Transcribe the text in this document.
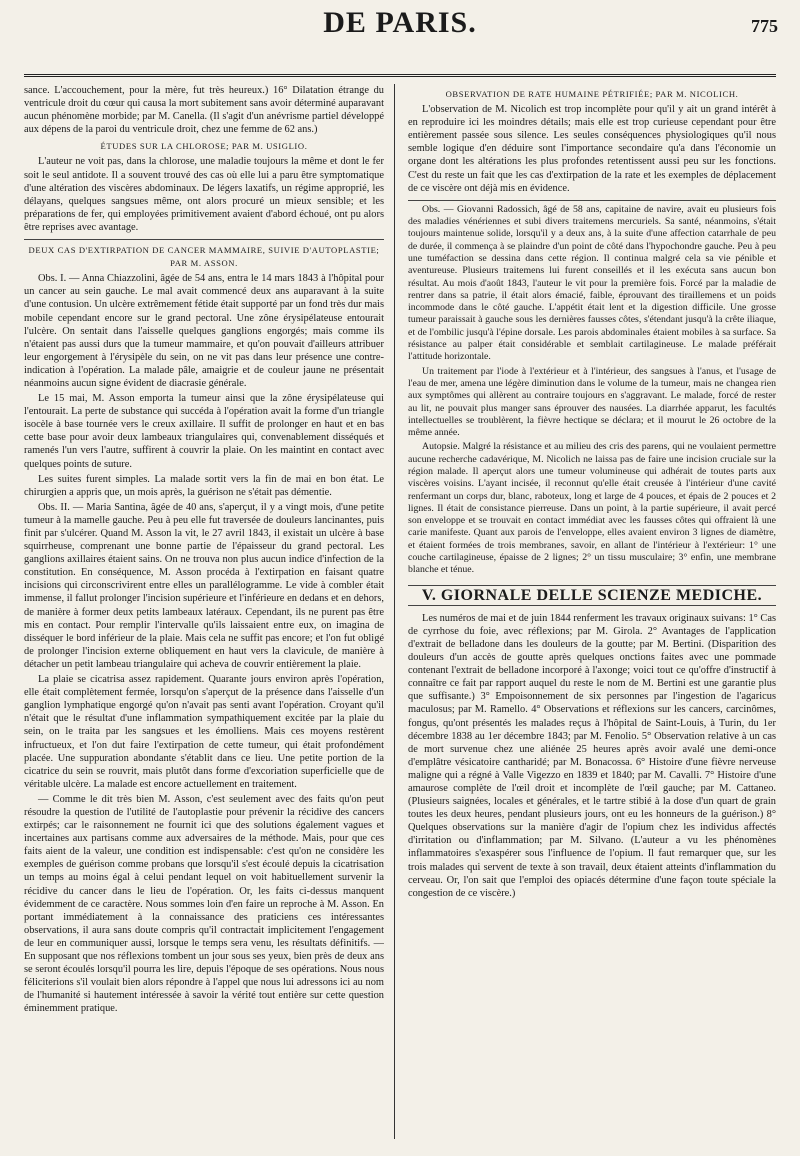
DE PARIS.	775

sance. L'accouchement, pour la mère, fut très heureux.) 16° Dilatation étrange du ventricule droit du cœur qui causa la mort subitement sans avoir déterminé auparavant aucun phénomène morbide; par M. Canella. (Il s'agit d'un anévrisme partiel développé aux dépens de la paroi du ventricule droit, chez une femme de 62 ans.)

ÉTUDES SUR LA CHLOROSE; PAR M. USIGLIO.

L'auteur ne voit pas, dans la chlorose, une maladie toujours la même et dont le fer soit le seul antidote. Il a souvent trouvé des cas où elle lui a paru être symptomatique d'une altération des viscères abdominaux. De légers laxatifs, un régime approprié, les délayans, quelques sangsues même, ont alors procuré un mieux sensible; et les préparations de fer, qui employées primitivement avaient d'abord échoué, ont pu alors être reprises avec avantage.

DEUX CAS D'EXTIRPATION DE CANCER MAMMAIRE, SUIVIE D'AUTOPLASTIE; PAR M. ASSON.

Obs. I. — Anna Chiazzolini, âgée de 54 ans, entra le 14 mars 1843 à l'hôpital pour un cancer au sein gauche. Le mal avait commencé deux ans auparavant à la suite d'une contusion. Un ulcère extrêmement fétide était supporté par un fond très dur mais mobile cependant encore sur le grand pectoral. Une zône érysipélateuse entourait l'ulcère. On sentait dans l'aisselle quelques ganglions engorgés; mais comme ils n'étaient pas aussi durs que la tumeur mammaire, et qu'on pouvait d'ailleurs attribuer leur engorgement à l'érysipèle du sein, on ne vit pas dans leur présence une contre-indication à l'opération. La malade pâle, amaigrie et de couleur jaune ne présentait néanmoins aucun signe évident de diacrasie générale.

Le 15 mai, M. Asson emporta la tumeur ainsi que la zône érysipélateuse qui l'entourait. La perte de substance qui succéda à l'opération avait la forme d'un triangle isocèle à base tournée vers le creux axillaire. Il suffit de prolonger en haut et en bas cette base pour avoir deux lambeaux triangulaires qui, convenablement disséqués et ramenés l'un vers l'autre, suffirent à couvrir la plaie. On les maintint en contact avec quelques points de suture.

Les suites furent simples. La malade sortit vers la fin de mai en bon état. Le chirurgien a appris que, un mois après, la guérison ne s'était pas démentie.

Obs. II. — Maria Santina, âgée de 40 ans, s'aperçut, il y a vingt mois, d'une petite tumeur à la mamelle gauche. Peu à peu elle fut traversée de douleurs lancinantes, puis finit par s'ulcérer. Quand M. Asson la vit, le 27 avril 1843, il existait un ulcère à base squirrheuse, comprenant une bonne partie de l'épaisseur du grand pectoral. Les ganglions axillaires étaient sains. On ne trouva non plus aucun indice d'infection de la constitution. En conséquence, M. Asson procéda à l'extirpation en faisant quatre incisions qui circonscrivirent entre elles un parallélogramme. Le vide à combler était immense, il fallut prolonger l'incision supérieure et l'inférieure en dedans et en dehors, de manière à former deux petits lambeaux latéraux. Cependant, ils ne purent pas être mis en contact. Pour remplir l'intervalle qu'ils laissaient entre eux, on imagina de disséquer le bord inférieur de la plaie. Mais cela ne suffit pas encore; et l'on fut obligé de prolonger l'incision externe obliquement en haut vers la clavicule, de manière à détacher un petit lambeau triangulaire qui acheva de couvrir entièrement la plaie.

La plaie se cicatrisa assez rapidement. Quarante jours environ après l'opération, elle était complètement fermée, lorsqu'on s'aperçut de la présence dans l'aisselle d'un ganglion lymphatique engorgé qu'on n'avait pas senti avant l'opération. Croyant qu'il n'était que le résultat d'une inflammation sympathiquement excitée par la plaie du sein, on le traita par les sangsues et les émolliens. Mais ces moyens restèrent infructueux, et l'on dut faire l'extirpation de cette tumeur, qui était profondément placée. Une suppuration abondante s'établit dans ce lieu. Une petite portion de la cicatrice du sein se rouvrit, mais plutôt dans forme d'excoriation superficielle que de véritable ulcère. La malade est encore actuellement en traitement.

— Comme le dit très bien M. Asson, c'est seulement avec des faits qu'on peut résoudre la question de l'utilité de l'autoplastie pour prévenir la récidive des cancers extirpés; car le raisonnement ne fournit ici que des solutions également vagues et incertaines aux partisans comme aux adversaires de la méthode. Mais, pour que ces faits aient de la valeur, une condition est indispensable: c'est qu'on ne considère les exemples de guérison comme probans que lorsqu'il s'est écoulé depuis la cicatrisation un temps au moins égal à celui pendant lequel on voit habituellement survenir la récidive du cancer dans le lieu de l'opération. Or, les faits ci-dessus manquent évidemment de ce caractère. Nous sommes loin d'en faire un reproche à M. Asson. En portant immédiatement à la connaissance des praticiens ces intéressantes observations, il aura sans doute compris qu'il contractait implicitement l'engagement de leur en communiquer aussi, lorsque le temps sera venu, les résultats définitifs. — En supposant que nos réflexions tombent un jour sous ses yeux, bien près de deux ans se seront écoulés lorsqu'il pourra les lire, depuis l'époque de ses opérations. Nous nous féliciterions s'il voulait bien alors répondre à l'appel que nous lui adressons ici au nom de l'humanité si hautement intéressée à savoir la vérité tout entière sur cette question éminemment pratique.

OBSERVATION DE RATE HUMAINE PÉTRIFIÉE; PAR M. NICOLICH.

L'observation de M. Nicolich est trop incomplète pour qu'il y ait un grand intérêt à en reproduire ici les moindres détails; mais elle est trop curieuse cependant pour être entièrement passée sous silence. Les seules conséquences physiologiques qu'il nous semble logique d'en déduire sont l'importance secondaire qu'a dans l'économie un organe dont les altérations les plus profondes retentissent aussi peu sur les fonctions. C'est du reste un fait que les cas d'extirpation de la rate et les exemples de déplacement de ce viscère ont déjà mis en évidence.

Obs. — Giovanni Radossich, âgé de 58 ans, capitaine de navire, avait eu plusieurs fois des maladies vénériennes et subi divers traitemens mercuriels. Sa santé, néanmoins, s'était toujours maintenue solide, lorsqu'il y a deux ans, à la suite d'une affection catarrhale de peu de durée, il commença à se plaindre d'un point de côté dans l'hypochondre gauche. Peu à peu une tuméfaction se dessina dans cette région. Il continua malgré cela sa vie pénible et aventureuse. Plusieurs traitemens lui furent conseillés et il les exécuta sans aucun bon résultat. Au mois d'août 1843, l'auteur le vit pour la première fois. Forcé par la maladie de rentrer dans sa patrie, il était alors émacié, faible, éprouvant des tiraillemens et un poids incommode dans le côté gauche. L'appétit était lent et la digestion difficile. Une grosse tumeur paraissait à gauche sous les dernières fausses côtes, s'étendant jusqu'à la crête iliaque, et de l'ombilic jusqu'à l'épine dorsale. Les parois abdominales étaient mobiles à sa surface. Sa résistance au palper était considérable et semblait cartilagineuse. Le malade préférait l'attitude horizontale.

Un traitement par l'iode à l'extérieur et à l'intérieur, des sangsues à l'anus, et l'usage de l'eau de mer, amena une légère diminution dans le volume de la tumeur, mais ne changea rien aux symptômes qui allèrent au contraire toujours en s'aggravant. Le malade, forcé de rester au lit, ne pouvait plus manger sans éprouver des nausées. La diarrhée apparut, les facultés intellectuelles se troublèrent, la fièvre hectique se déclara; et il mourut le 26 octobre de la même année.

Autopsie. Malgré la résistance et au milieu des cris des parens, qui ne voulaient permettre aucune recherche cadavérique, M. Nicolich ne laissa pas de faire une incision cruciale sur la région malade. Il aperçut alors une tumeur volumineuse qui adhérait de toutes parts aux viscères voisins. L'ayant incisée, il reconnut qu'elle était creusée à l'intérieur d'une cavité renfermant un corps dur, blanc, raboteux, long et large de 4 pouces, et épais de 2 pouces et 2 lignes. Il était de consistance pierreuse. Dans un point, à la partie supérieure, il avait percé son enveloppe et se trouvait en contact immédiat avec les fausses côtes qui offraient là une carie manifeste. Quant aux parois de l'enveloppe, elles avaient environ 3 lignes de diamètre, et étaient formées de trois membranes, savoir, en allant de l'intérieur à l'extérieur: 1° une couche cartilagineuse, épaisse de 2 lignes; 2° un tissu musculaire; 3° enfin, une membrane blanche et ténue.

V. GIORNALE DELLE SCIENZE MEDICHE.

Les numéros de mai et de juin 1844 renferment les travaux originaux suivans: 1° Cas de cyrrhose du foie, avec réflexions; par M. Girola. 2° Avantages de l'application d'extrait de belladone dans les douleurs de la goutte; par M. Bertini. (Disparition des douleurs d'un accès de goutte après quelques onctions faites avec une pommade contenant l'extrait de belladone incorporé à l'axonge; voici tout ce qu'offre d'instructif à connaître ce fait par rapport auquel du reste le nom de M. Bertini est une garantie plus que suffisante.) 3° Empoisonnement de six personnes par l'ingestion de l'agaricus maculosus; par M. Ramello. 4° Observations et réflexions sur les cancers, carcinômes, fongus, qu'ont présentés les malades reçus à l'hôpital de Saint-Louis, à Turin, du 1er décembre 1838 au 1er décembre 1843; par M. Fenolio. 5° Observation relative à un cas de mort survenue chez une aliénée 25 heures après avoir avalé une demi-once d'emplâtre vésicatoire cantharidé; par M. Bonacossa. 6° Histoire d'une fièvre nerveuse maligne qui a régné à Valle Vigezzo en 1839 et 1840; par M. Cavalli. 7° Histoire d'une amaurose complète de l'œil droit et incomplète de l'œil gauche; par M. Cattaneo. (Plusieurs saignées, locales et générales, et le tartre stibié à la dose d'un quart de grain toutes les deux heures, pendant plusieurs jours, ont eu les honneurs de la guérison.) 8° Quelques observations sur la manière d'agir de l'opium chez les individus affectés d'irritation ou d'inflammation; par M. Silvano. (L'auteur a vu les phénomènes inflammatoires s'exaspérer sous l'influence de l'opium. Il faut remarquer que, sur les trois malades qui servent de texte à son travail, deux étaient atteints d'inflammation du cerveau. Or, l'on sait que l'emploi des opiacés détermine d'une façon toute spéciale la congestion de ce viscère.)
